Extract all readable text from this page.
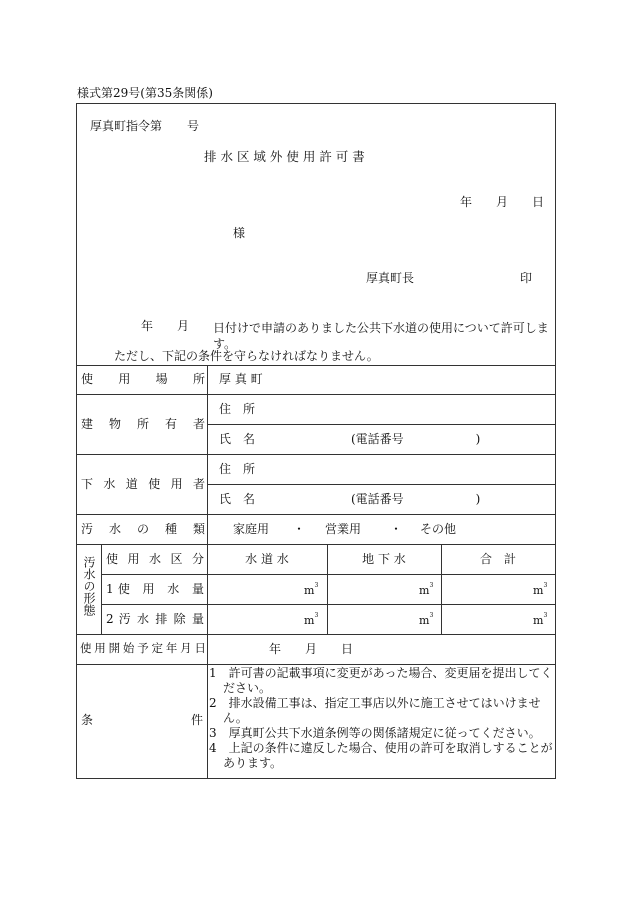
様式第29号(第35条関係)
厚真町指令第 号
排 水 区 域 外 使 用 許 可 書
年 月 日
様
厚真町長	印
年 月 日付けで申請のありました公共下水道の使用について許可します。
ただし、下記の条件を守らなければなりません。
使　用　場　所 厚 真 町
建 物 所 有 者
住　所
氏　名	(電話番号　　　　　　)
下 水 道 使 用 者
住　所
氏　名	(電話番号　　　　　　)
汚　水　の　種　類 家庭用 ・ 営業用 ・ その他
汚水の形態 使 用 水 区 分	水 道 水	地 下 水	合　計
1 使　用　水　量	$m^3$	$m^3$	$m^3$
2 汚 水 排 除 量	$m^3$	$m^3$	$m^3$
使用開始予定年月日	年 月 日
条	件

1　許可書の記載事項に変更があった場合、変更届を提出してください。

2　排水設備工事は、指定工事店以外に施工させてはいけません。

3　厚真町公共下水道条例等の関係諸規定に従ってください。

4　上記の条件に違反した場合、使用の許可を取消しすることがあります。
